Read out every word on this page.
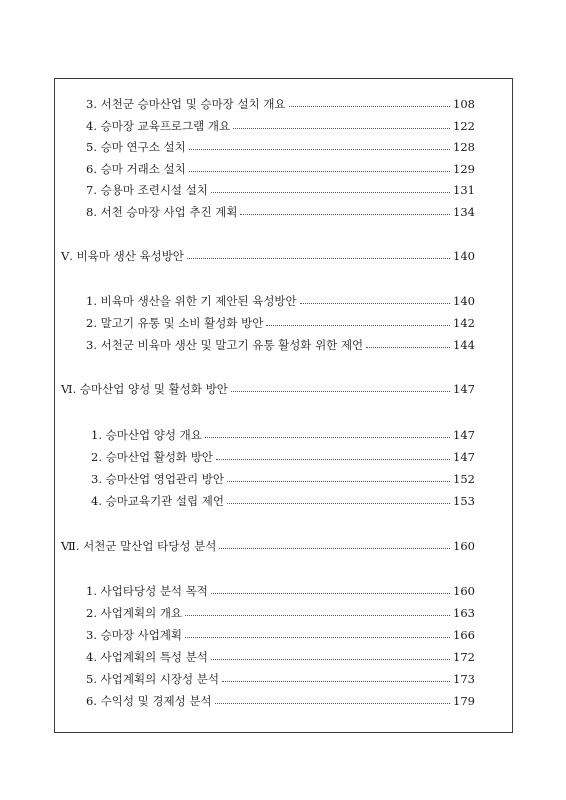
3. 서천군 승마산업 및 승마장 설치 개요	108
4. 승마장 교육프로그램 개요	122
5. 승마 연구소 설치	128
6. 승마 거래소 설치	129
7. 승용마 조련시설 설치	131
8. 서천 승마장 사업 추진 계획	134
Ⅴ. 비육마 생산 육성방안	140
1. 비육마 생산을 위한 기 제안된 육성방안	140
2. 말고기 유통 및 소비 활성화 방안	142
3. 서천군 비육마 생산 및 말고기 유통 활성화 위한 제언	144
Ⅵ. 승마산업 양성 및 활성화 방안	147
1. 승마산업 양성 개요	147
2. 승마산업 활성화 방안	147
3. 승마산업 영업관리 방안	152
4. 승마교육기관 설립 제언	153
Ⅶ. 서천군 말산업 타당성 분석	160
1. 사업타당성 분석 목적	160
2. 사업계획의 개요	163
3. 승마장 사업계획	166
4. 사업계획의 특성 분석	172
5. 사업계획의 시장성 분석	173
6. 수익성 및 경제성 분석	179
